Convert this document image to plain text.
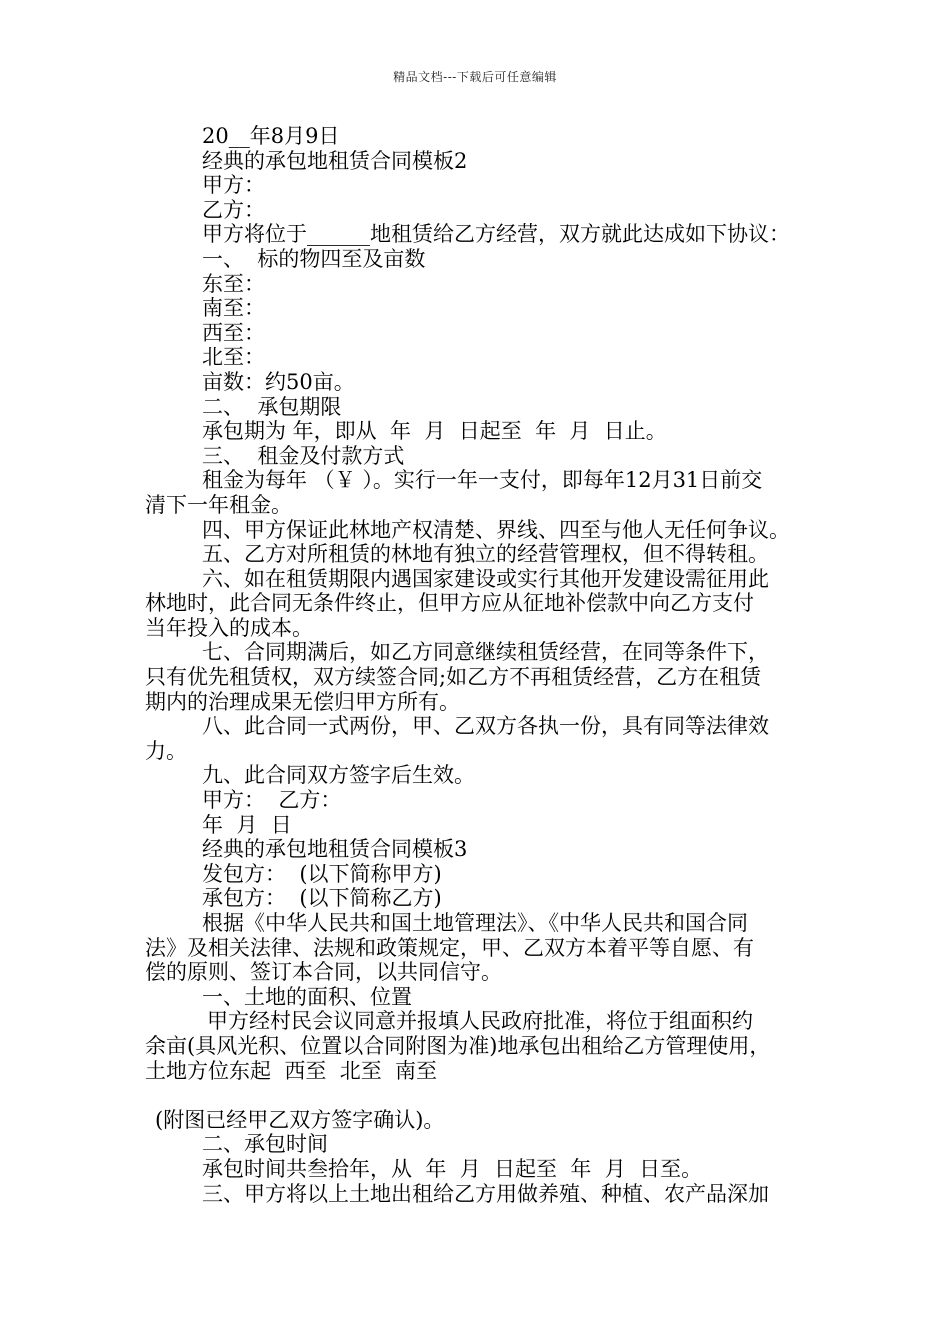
精品文档---下载后可任意编辑

20__年8月9日

经典的承包地租赁合同模板2

甲方：

乙方：

甲方将位于______地租赁给乙方经营，双方就此达成如下协议：

一、  标的物四至及亩数

东至：

南至：

西至：

北至：

亩数：约50亩。

二、  承包期限

承包期为 年，即从  年  月  日起至  年  月  日止。

三、  租金及付款方式

租金为每年 （￥ ）。实行一年一支付，即每年12月31日前交

清下一年租金。

四、甲方保证此林地产权清楚、界线、四至与他人无任何争议。

五、乙方对所租赁的林地有独立的经营管理权，但不得转租。

六、如在租赁期限内遇国家建设或实行其他开发建设需征用此

林地时，此合同无条件终止，但甲方应从征地补偿款中向乙方支付

当年投入的成本。

七、合同期满后，如乙方同意继续租赁经营，在同等条件下，

只有优先租赁权，双方续签合同;如乙方不再租赁经营，乙方在租赁

期内的治理成果无偿归甲方所有。

八、此合同一式两份，甲、乙双方各执一份，具有同等法律效

力。

九、此合同双方签字后生效。

甲方：  乙方：

年  月  日

经典的承包地租赁合同模板3

发包方：  (以下简称甲方)

承包方：  (以下简称乙方)

根据《中华人民共和国土地管理法》、《中华人民共和国合同

法》及相关法律、法规和政策规定，甲、乙双方本着平等自愿、有

偿的原则、签订本合同，以共同信守。

一、土地的面积、位置

甲方经村民会议同意并报填人民政府批准，将位于组面积约

余亩(具风光积、位置以合同附图为准)地承包出租给乙方管理使用，

土地方位东起  西至  北至  南至

(附图已经甲乙双方签字确认)。

二、承包时间

承包时间共叁拾年，从  年  月  日起至  年  月  日至。

三、甲方将以上土地出租给乙方用做养殖、种植、农产品深加
